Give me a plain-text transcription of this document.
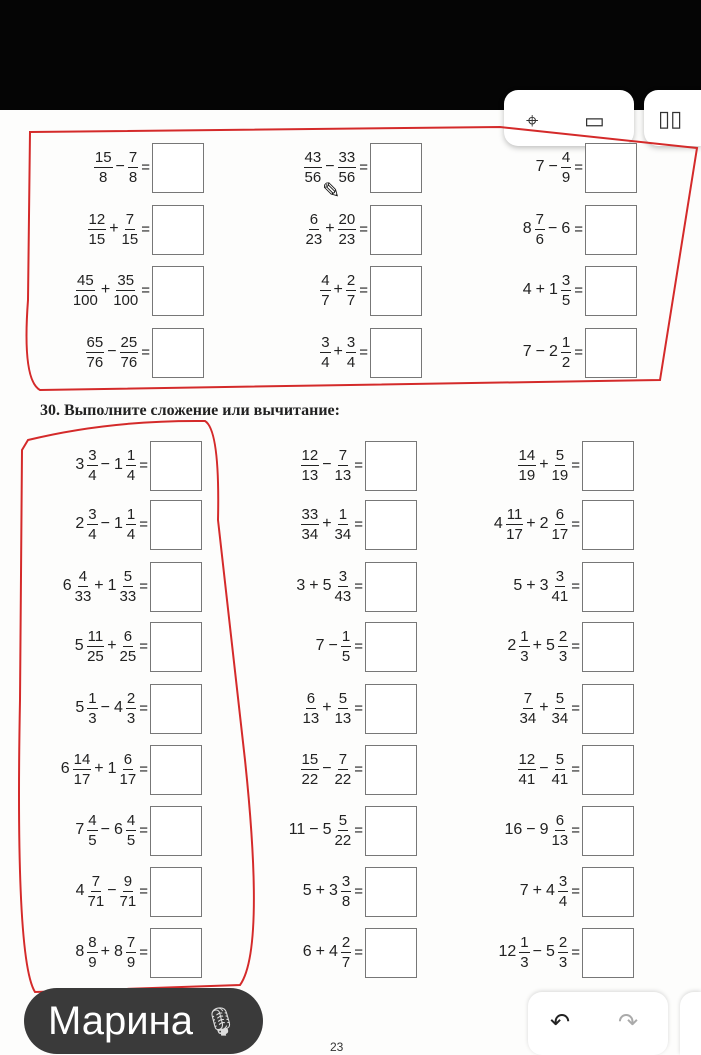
⌖ ▭ ▯▯
$\frac{15}{8} - \frac{7}{8}$ =	$\frac{43}{56} - \frac{33}{56}$ =	$7 - \frac{4}{9}$ =
$\frac{12}{15} + \frac{7}{15}$ =	$\frac{6}{23} + \frac{20}{23}$ =	$8 \frac{7}{6} - 6$ =
$\frac{45}{100} + \frac{35}{100}$ =	$\frac{4}{7} + \frac{2}{7}$ =	$4 + 1 \frac{3}{5}$ =
$\frac{65}{76} - \frac{25}{76}$ =	$\frac{3}{4} + \frac{3}{4}$ =	$7 - 2 \frac{1}{2}$ =
30. Выполните сложение или вычитание:
$3 \frac{3}{4} - 1 \frac{1}{4}$ =	$\frac{12}{13} - \frac{7}{13}$ =	$\frac{14}{19} + \frac{5}{19}$ =
$2 \frac{3}{4} - 1 \frac{1}{4}$ =	$\frac{33}{34} + \frac{1}{34}$ =	$4 \frac{11}{17} + 2 \frac{6}{17}$ =
$6 \frac{4}{33} + 1 \frac{5}{33}$ =	$3 + 5 \frac{3}{43}$ =	$5 + 3 \frac{3}{41}$ =
$5 \frac{11}{25} + \frac{6}{25}$ =	$7 - \frac{1}{5}$ =	$2 \frac{1}{3} + 5 \frac{2}{3}$ =
$5 \frac{1}{3} - 4 \frac{2}{3}$ =	$\frac{6}{13} + \frac{5}{13}$ =	$\frac{7}{34} + \frac{5}{34}$ =
$6 \frac{14}{17} + 1 \frac{6}{17}$ =	$\frac{15}{22} - \frac{7}{22}$ =	$\frac{12}{41} - \frac{5}{41}$ =
$7 \frac{4}{5} - 6 \frac{4}{5}$ =	$11 - 5 \frac{5}{22}$ =	$16 - 9 \frac{6}{13}$ =
$4 \frac{7}{71} - \frac{9}{71}$ =	$5 + 3 \frac{3}{8}$ =	$7 + 4 \frac{3}{4}$ =
$8 \frac{8}{9} + 8 \frac{7}{9}$ =	$6 + 4 \frac{2}{7}$ =	$12 \frac{1}{3} - 5 \frac{2}{3}$ =
✎
23
Марина 🎙	↶ ↷
